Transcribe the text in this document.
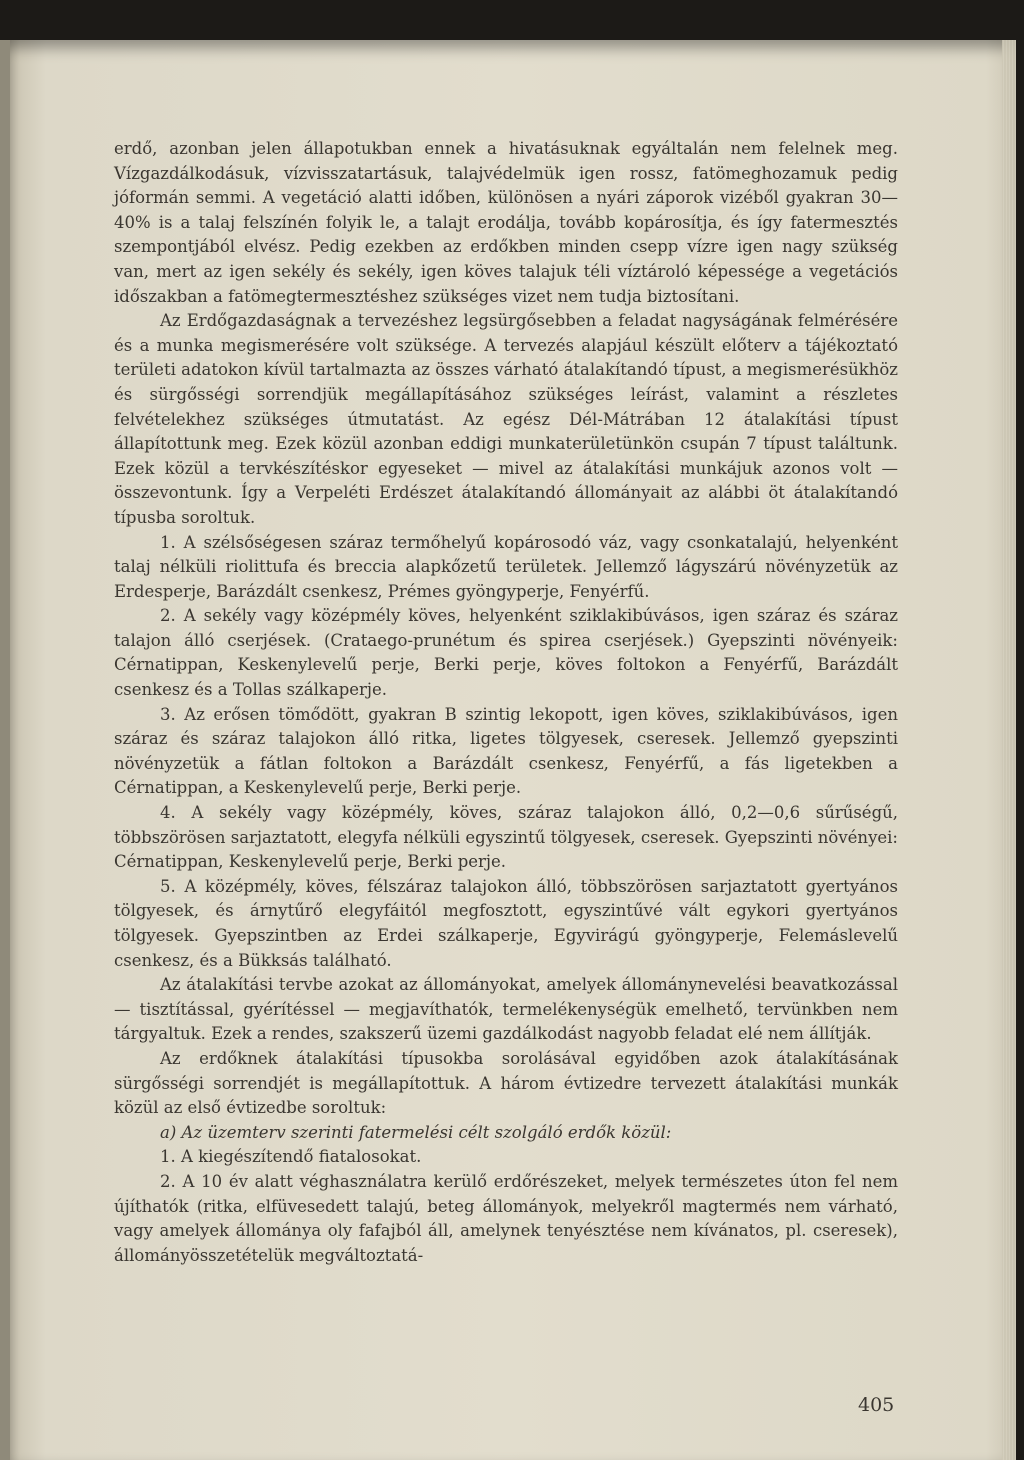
erdő, azonban jelen állapotukban ennek a hivatásuknak egyáltalán nem felelnek meg. Vízgazdálkodásuk, vízvisszatartásuk, talajvédelmük igen rossz, fatömeghozamuk pedig jóformán semmi. A vegetáció alatti időben, különösen a nyári záporok vizéből gyakran 30—40% is a talaj felszínén folyik le, a talajt erodálja, tovább kopárosítja, és így fatermesztés szempontjából elvész. Pedig ezekben az erdőkben minden csepp vízre igen nagy szükség van, mert az igen sekély és sekély, igen köves talajuk téli víztároló képessége a vegetációs időszakban a fatömegtermesztéshez szükséges vizet nem tudja biztosítani.

Az Erdőgazdaságnak a tervezéshez legsürgősebben a feladat nagyságának felmérésére és a munka megismerésére volt szüksége. A tervezés alapjául készült előterv a tájékoztató területi adatokon kívül tartalmazta az összes várható átalakítandó típust, a megismerésükhöz és sürgősségi sorrendjük megállapításához szükséges leírást, valamint a részletes felvételekhez szükséges útmutatást. Az egész Dél-Mátrában 12 átalakítási típust állapítottunk meg. Ezek közül azonban eddigi munkaterületünkön csupán 7 típust találtunk. Ezek közül a tervkészítéskor egyeseket — mivel az átalakítási munkájuk azonos volt — összevontunk. Így a Verpeléti Erdészet átalakítandó állományait az alábbi öt átalakítandó típusba soroltuk.

1. A szélsőségesen száraz termőhelyű kopárosodó váz, vagy csonkatalajú, helyenként talaj nélküli riolittufa és breccia alapkőzetű területek. Jellemző lágyszárú növényzetük az Erdesperje, Barázdált csenkesz, Prémes gyöngyperje, Fenyérfű.

2. A sekély vagy középmély köves, helyenként sziklakibúvásos, igen száraz és száraz talajon álló cserjések. (Crataego-prunétum és spirea cserjések.) Gyepszinti növényeik: Cérnatippan, Keskenylevelű perje, Berki perje, köves foltokon a Fenyérfű, Barázdált csenkesz és a Tollas szálkaperje.

3. Az erősen tömődött, gyakran B szintig lekopott, igen köves, sziklakibúvásos, igen száraz és száraz talajokon álló ritka, ligetes tölgyesek, cseresek. Jellemző gyepszinti növényzetük a fátlan foltokon a Barázdált csenkesz, Fenyérfű, a fás ligetekben a Cérnatippan, a Keskenylevelű perje, Berki perje.

4. A sekély vagy középmély, köves, száraz talajokon álló, 0,2—0,6 sűrűségű, többszörösen sarjaztatott, elegyfa nélküli egyszintű tölgyesek, cseresek. Gyepszinti növényei: Cérnatippan, Keskenylevelű perje, Berki perje.

5. A középmély, köves, félszáraz talajokon álló, többszörösen sarjaztatott gyertyános tölgyesek, és árnytűrő elegyfáitól megfosztott, egyszintűvé vált egykori gyertyános tölgyesek. Gyepszintben az Erdei szálkaperje, Egyvirágú gyöngyperje, Felemáslevelű csenkesz, és a Bükksás található.

Az átalakítási tervbe azokat az állományokat, amelyek állománynevelési beavatkozással — tisztítással, gyérítéssel — megjavíthatók, termelékenységük emelhető, tervünkben nem tárgyaltuk. Ezek a rendes, szakszerű üzemi gazdálkodást nagyobb feladat elé nem állítják.

Az erdőknek átalakítási típusokba sorolásával egyidőben azok átalakításának sürgősségi sorrendjét is megállapítottuk. A három évtizedre tervezett átalakítási munkák közül az első évtizedbe soroltuk:

a) Az üzemterv szerinti fatermelési célt szolgáló erdők közül:

1. A kiegészítendő fiatalosokat.

2. A 10 év alatt véghasználatra kerülő erdőrészeket, melyek természetes úton fel nem újíthatók (ritka, elfüvesedett talajú, beteg állományok, melyekről magtermés nem várható, vagy amelyek állománya oly fafajból áll, amelynek tenyésztése nem kívánatos, pl. cseresek), állományösszetételük megváltoztatá-

405
